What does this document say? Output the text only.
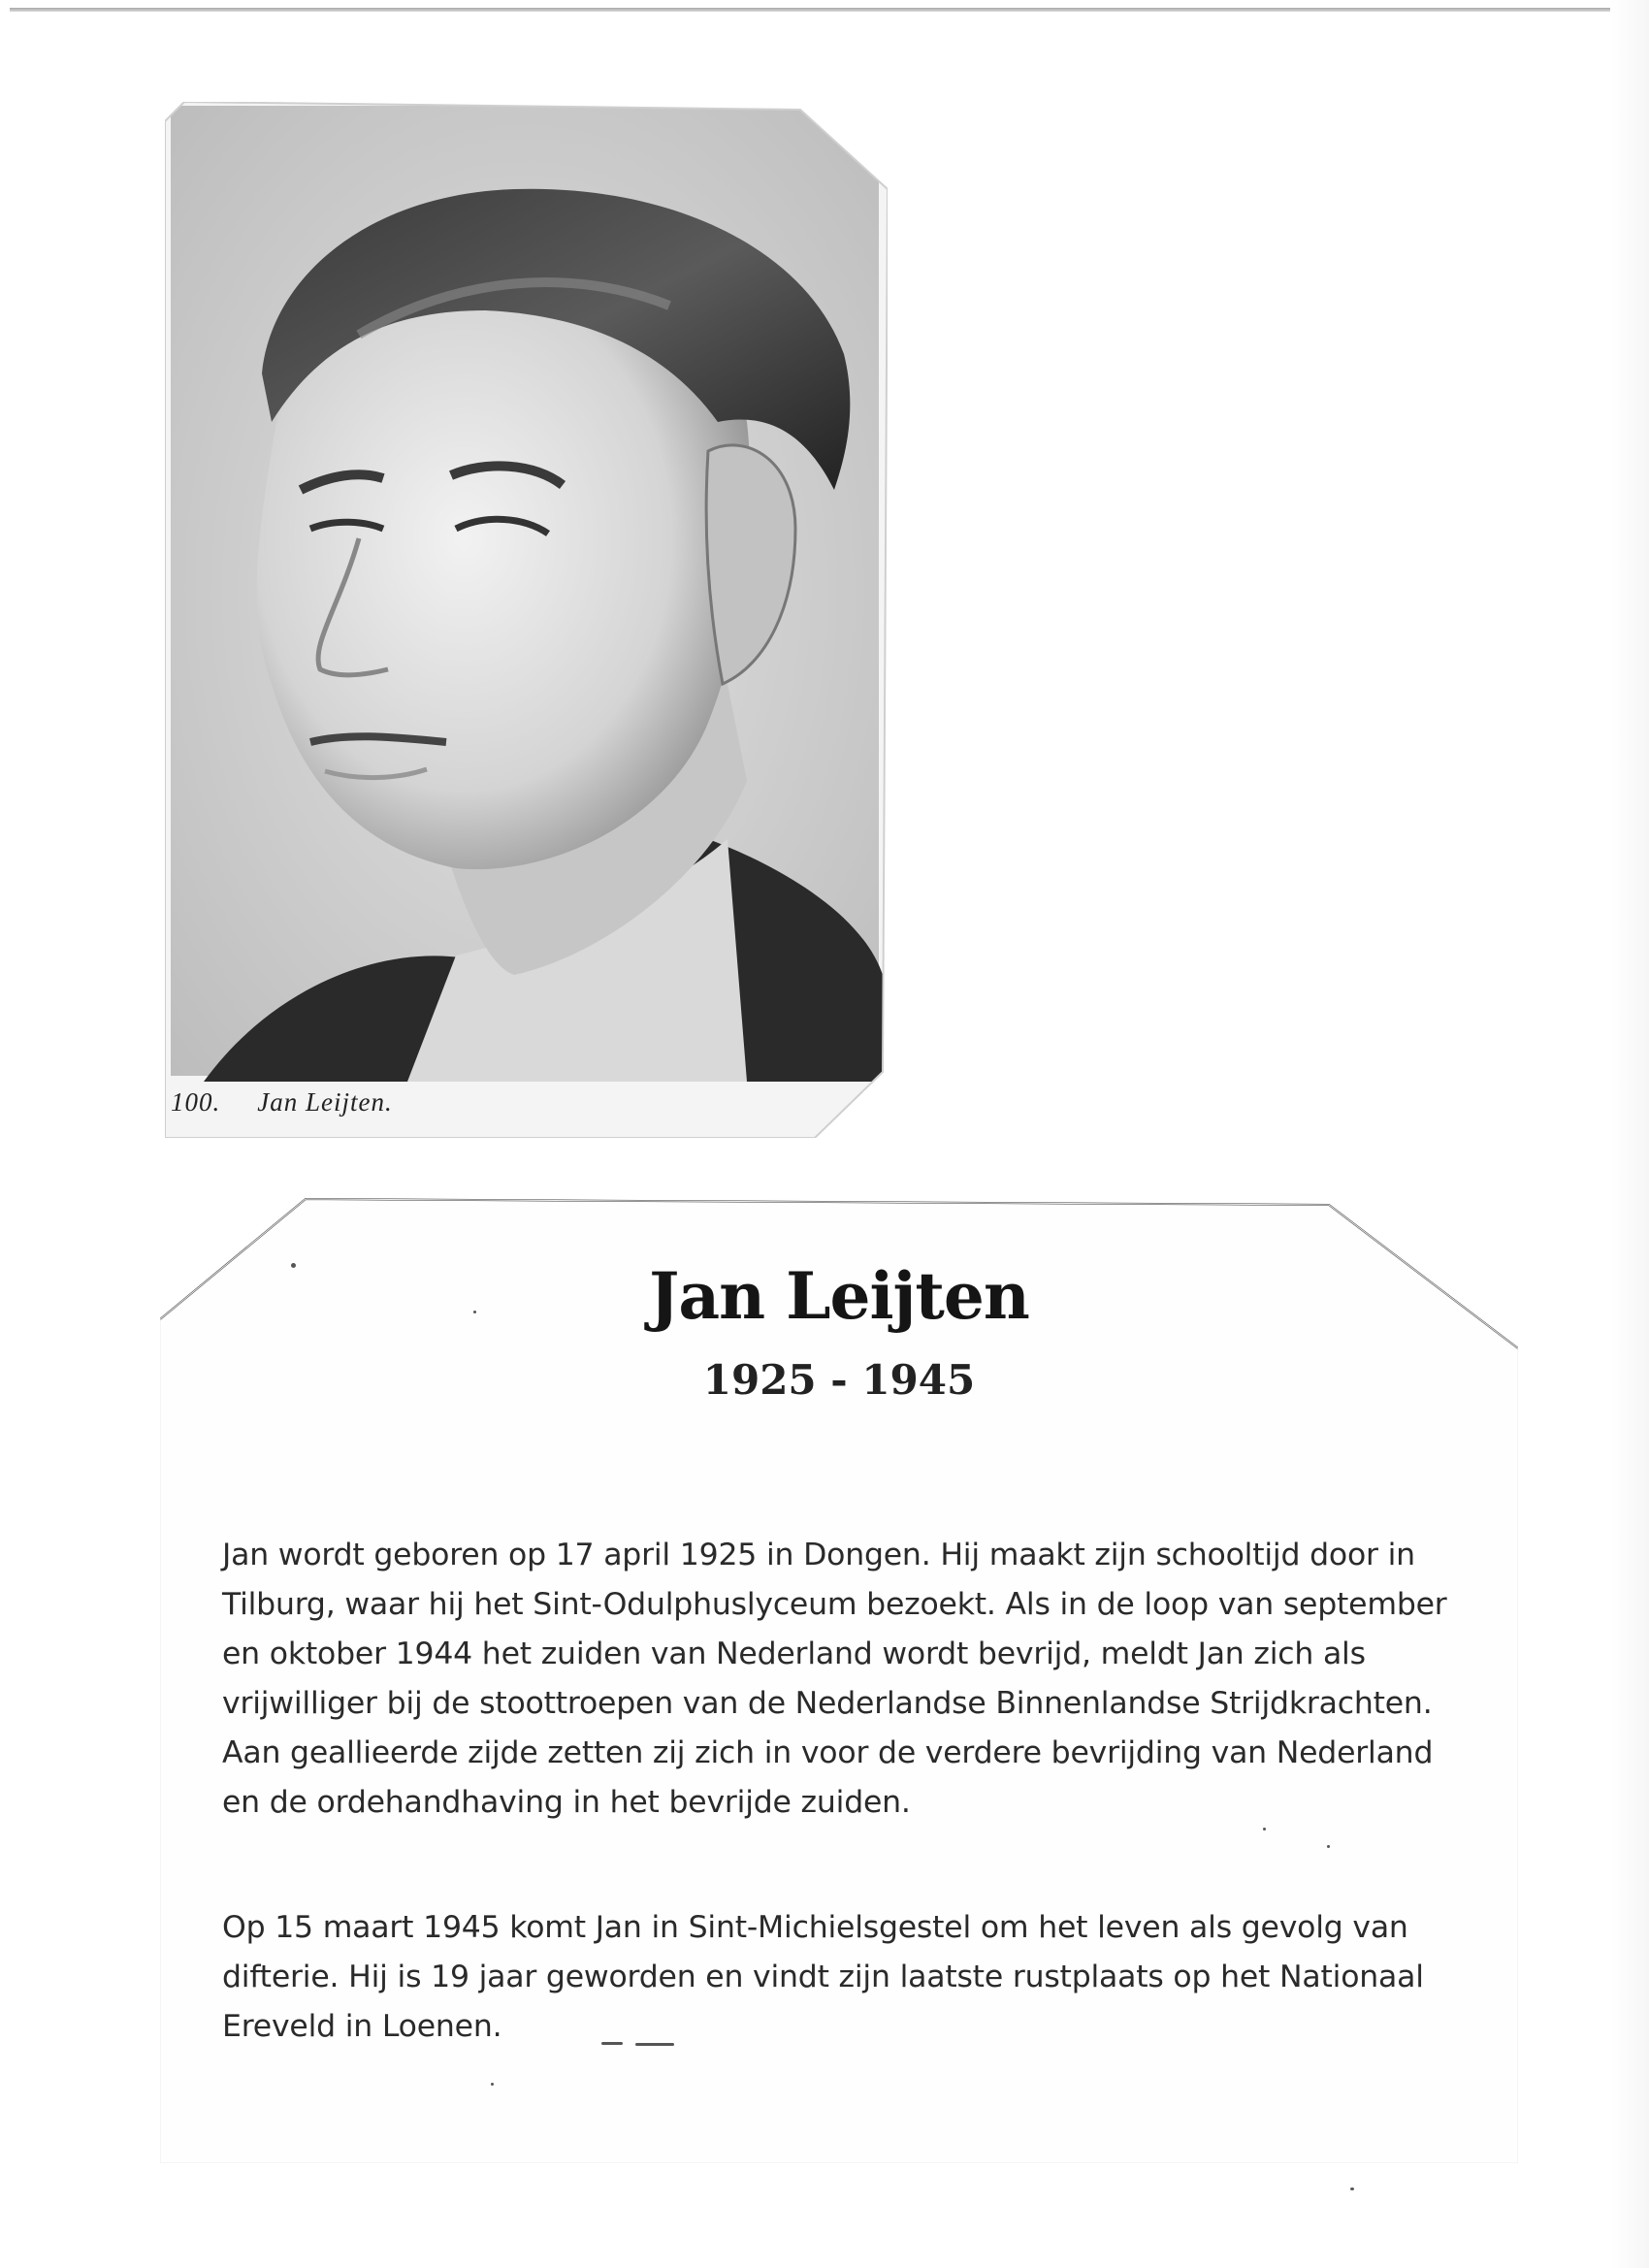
100. Jan Leijten.
Jan Leijten
1925 - 1945

Jan wordt geboren op 17 april 1925 in Dongen. Hij maakt zijn schooltijd door in Tilburg, waar hij het Sint-Odulphuslyceum bezoekt. Als in de loop van september en oktober 1944 het zuiden van Nederland wordt bevrijd, meldt Jan zich als vrijwilliger bij de stoottroepen van de Nederlandse Binnenlandse Strijdkrachten. Aan geallieerde zijde zetten zij zich in voor de verdere bevrijding van Nederland en de ordehandhaving in het bevrijde zuiden.

Op 15 maart 1945 komt Jan in Sint-Michielsgestel om het leven als gevolg van difterie. Hij is 19 jaar geworden en vindt zijn laatste rustplaats op het Nationaal Ereveld in Loenen.
